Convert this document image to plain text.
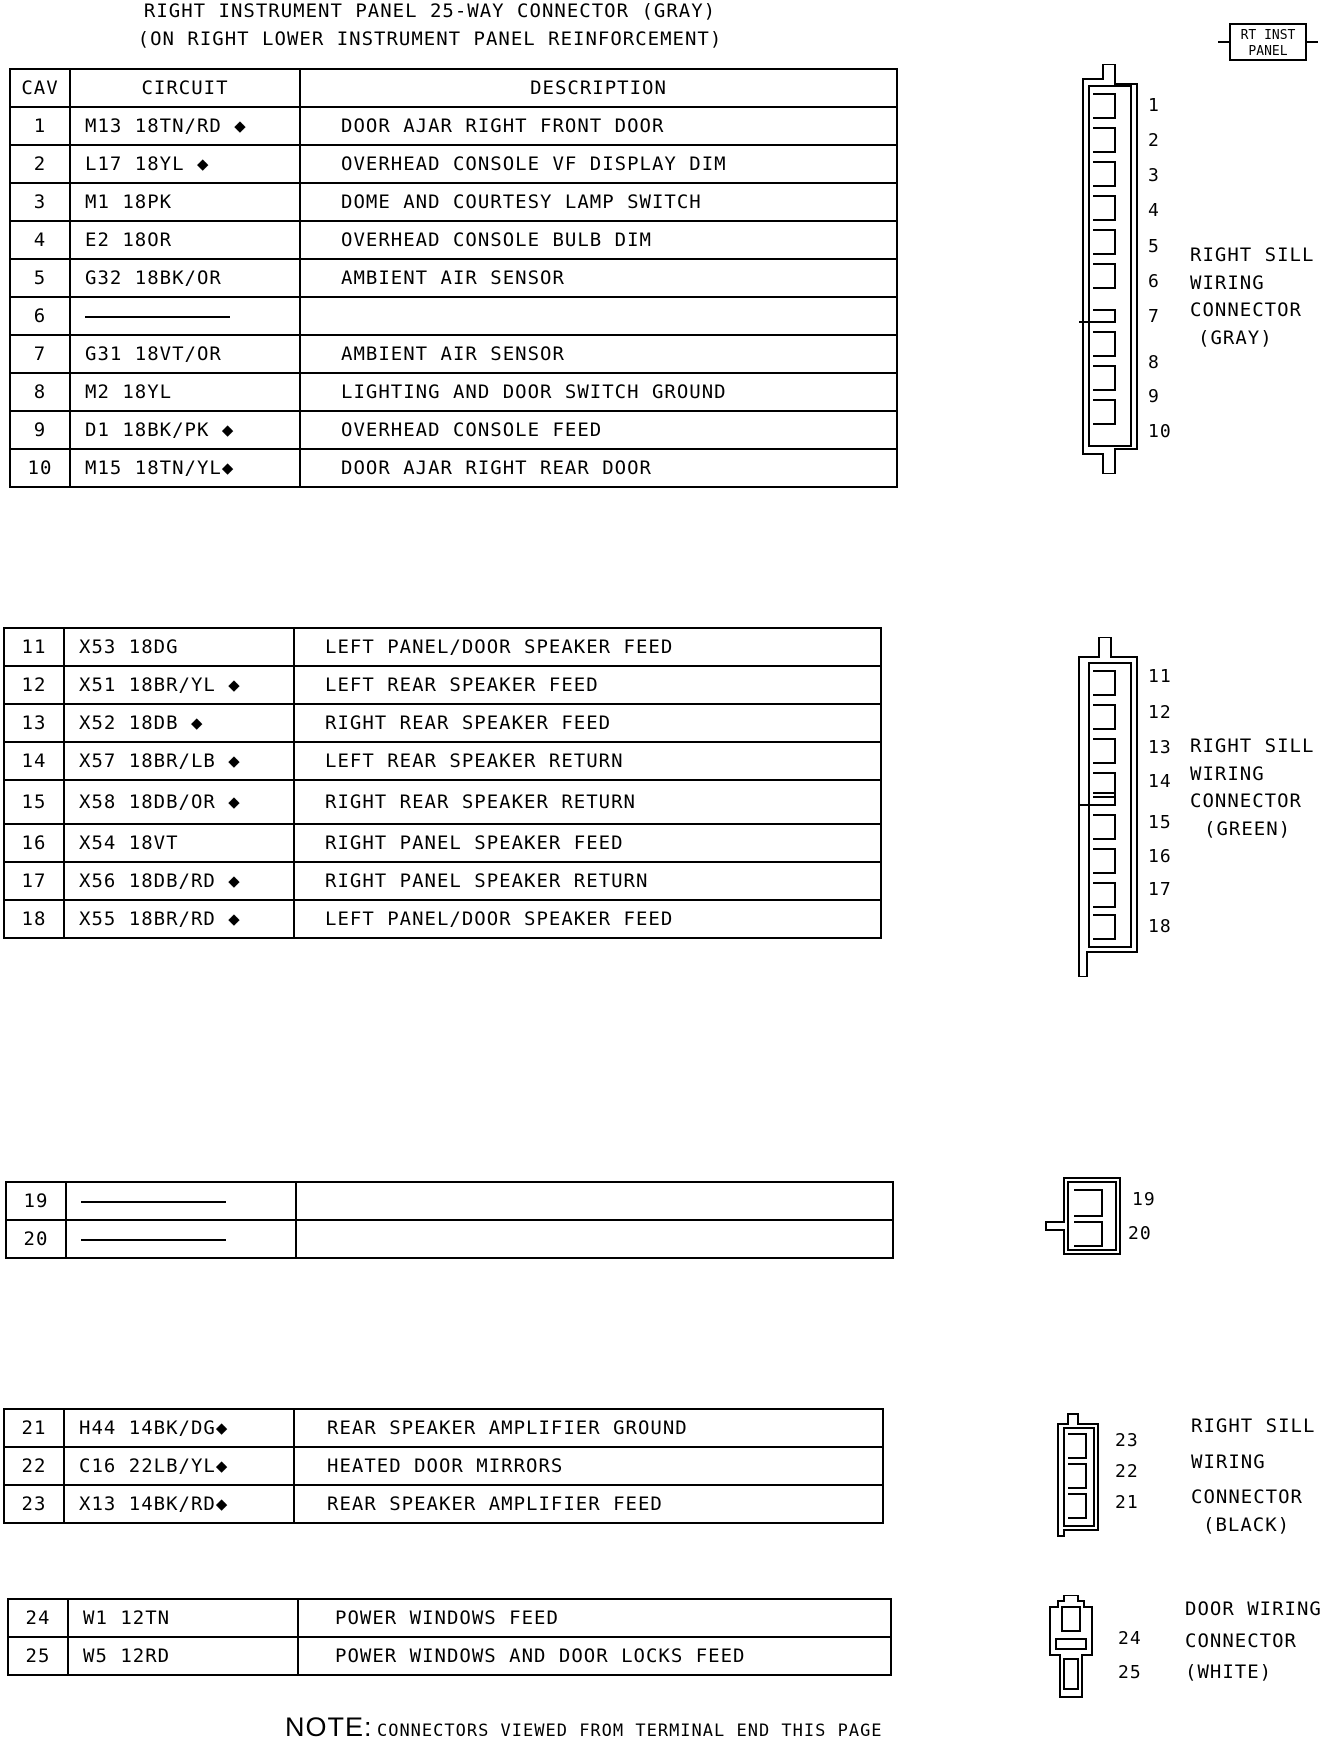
RIGHT INSTRUMENT PANEL 25-WAY CONNECTOR (GRAY)
(ON RIGHT LOWER INSTRUMENT PANEL REINFORCEMENT)	RT INST
PANEL
CAV	CIRCUIT	DESCRIPTION
1	M13 18TN/RD ◆	DOOR AJAR RIGHT FRONT DOOR
2	L17 18YL ◆	OVERHEAD CONSOLE VF DISPLAY DIM
3	M1 18PK	DOME AND COURTESY LAMP SWITCH
4	E2 18OR	OVERHEAD CONSOLE BULB DIM
5	G32 18BK/OR	AMBIENT AIR SENSOR
6		
7	G31 18VT/OR	AMBIENT AIR SENSOR
8	M2 18YL	LIGHTING AND DOOR SWITCH GROUND
9	D1 18BK/PK ◆	OVERHEAD CONSOLE FEED
10	M15 18TN/YL◆	DOOR AJAR RIGHT REAR DOOR
11	X53 18DG	LEFT PANEL/DOOR SPEAKER FEED
12	X51 18BR/YL ◆	LEFT REAR SPEAKER FEED
13	X52 18DB ◆	RIGHT REAR SPEAKER FEED
14	X57 18BR/LB ◆	LEFT REAR SPEAKER RETURN
15	X58 18DB/OR ◆	RIGHT REAR SPEAKER RETURN
16	X54 18VT	RIGHT PANEL SPEAKER FEED
17	X56 18DB/RD ◆	RIGHT PANEL SPEAKER RETURN
18	X55 18BR/RD ◆	LEFT PANEL/DOOR SPEAKER FEED
19		
20		
21	H44 14BK/DG◆	REAR SPEAKER AMPLIFIER GROUND
22	C16 22LB/YL◆	HEATED DOOR MIRRORS
23	X13 14BK/RD◆	REAR SPEAKER AMPLIFIER FEED
24	W1 12TN	POWER WINDOWS FEED
25	W5 12RD	POWER WINDOWS AND DOOR LOCKS FEED
1
2
3
4
5
6
7
8
9
10
RIGHT SILL
WIRING
CONNECTOR
(GRAY)
11
12
13
14
15
16
17
18
RIGHT SILL
WIRING
CONNECTOR
(GREEN)
19
20
23
22
21
RIGHT SILL
WIRING
CONNECTOR
(BLACK)
24
25
DOOR WIRING
CONNECTOR
(WHITE)
NOTE: CONNECTORS VIEWED FROM TERMINAL END THIS PAGE
